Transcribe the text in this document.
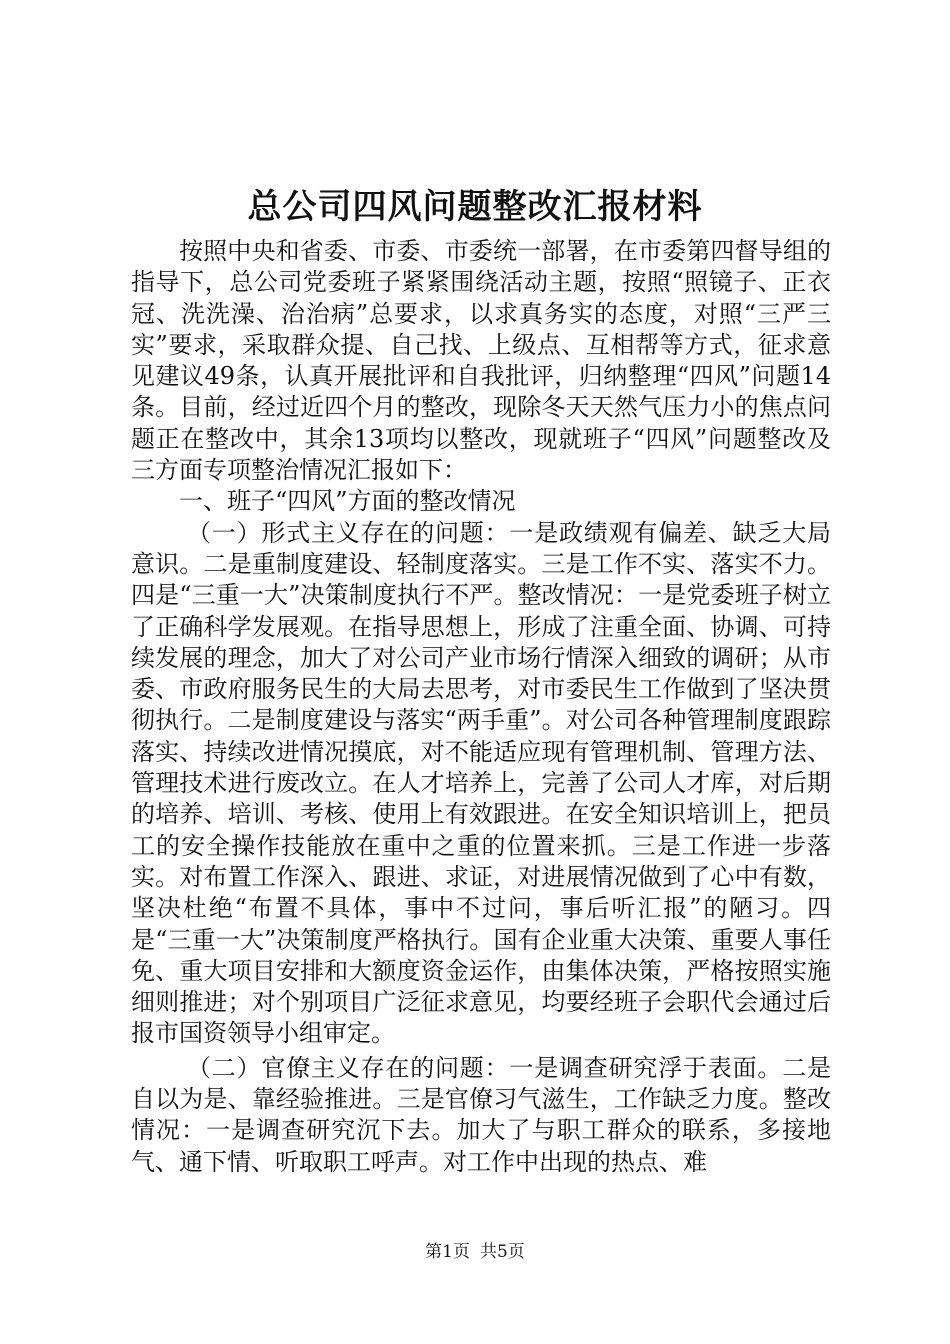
总公司四风问题整改汇报材料

按照中央和省委、市委、市委统一部署，在市委第四督导组的指导下，总公司党委班子紧紧围绕活动主题，按照“照镜子、正衣冠、洗洗澡、治治病”总要求，以求真务实的态度，对照“三严三实”要求，采取群众提、自己找、上级点、互相帮等方式，征求意见建议49条，认真开展批评和自我批评，归纳整理“四风”问题14条。目前，经过近四个月的整改，现除冬天天然气压力小的焦点问题正在整改中，其余13项均以整改，现就班子“四风”问题整改及三方面专项整治情况汇报如下：

一、班子“四风”方面的整改情况

（一）形式主义存在的问题：一是政绩观有偏差、缺乏大局意识。二是重制度建设、轻制度落实。三是工作不实、落实不力。四是“三重一大”决策制度执行不严。整改情况：一是党委班子树立了正确科学发展观。在指导思想上，形成了注重全面、协调、可持续发展的理念，加大了对公司产业市场行情深入细致的调研；从市委、市政府服务民生的大局去思考，对市委民生工作做到了坚决贯彻执行。二是制度建设与落实“两手重”。对公司各种管理制度跟踪落实、持续改进情况摸底，对不能适应现有管理机制、管理方法、管理技术进行废改立。在人才培养上，完善了公司人才库，对后期的培养、培训、考核、使用上有效跟进。在安全知识培训上，把员工的安全操作技能放在重中之重的位置来抓。三是工作进一步落实。对布置工作深入、跟进、求证，对进展情况做到了心中有数，坚决杜绝“布置不具体，事中不过问，事后听汇报”的陋习。四是“三重一大”决策制度严格执行。国有企业重大决策、重要人事任免、重大项目安排和大额度资金运作，由集体决策，严格按照实施细则推进；对个别项目广泛征求意见，均要经班子会职代会通过后报市国资领导小组审定。

（二）官僚主义存在的问题：一是调查研究浮于表面。二是自以为是、靠经验推进。三是官僚习气滋生，工作缺乏力度。整改情况：一是调查研究沉下去。加大了与职工群众的联系，多接地气、通下情、听取职工呼声。对工作中出现的热点、难

第1页 共5页
